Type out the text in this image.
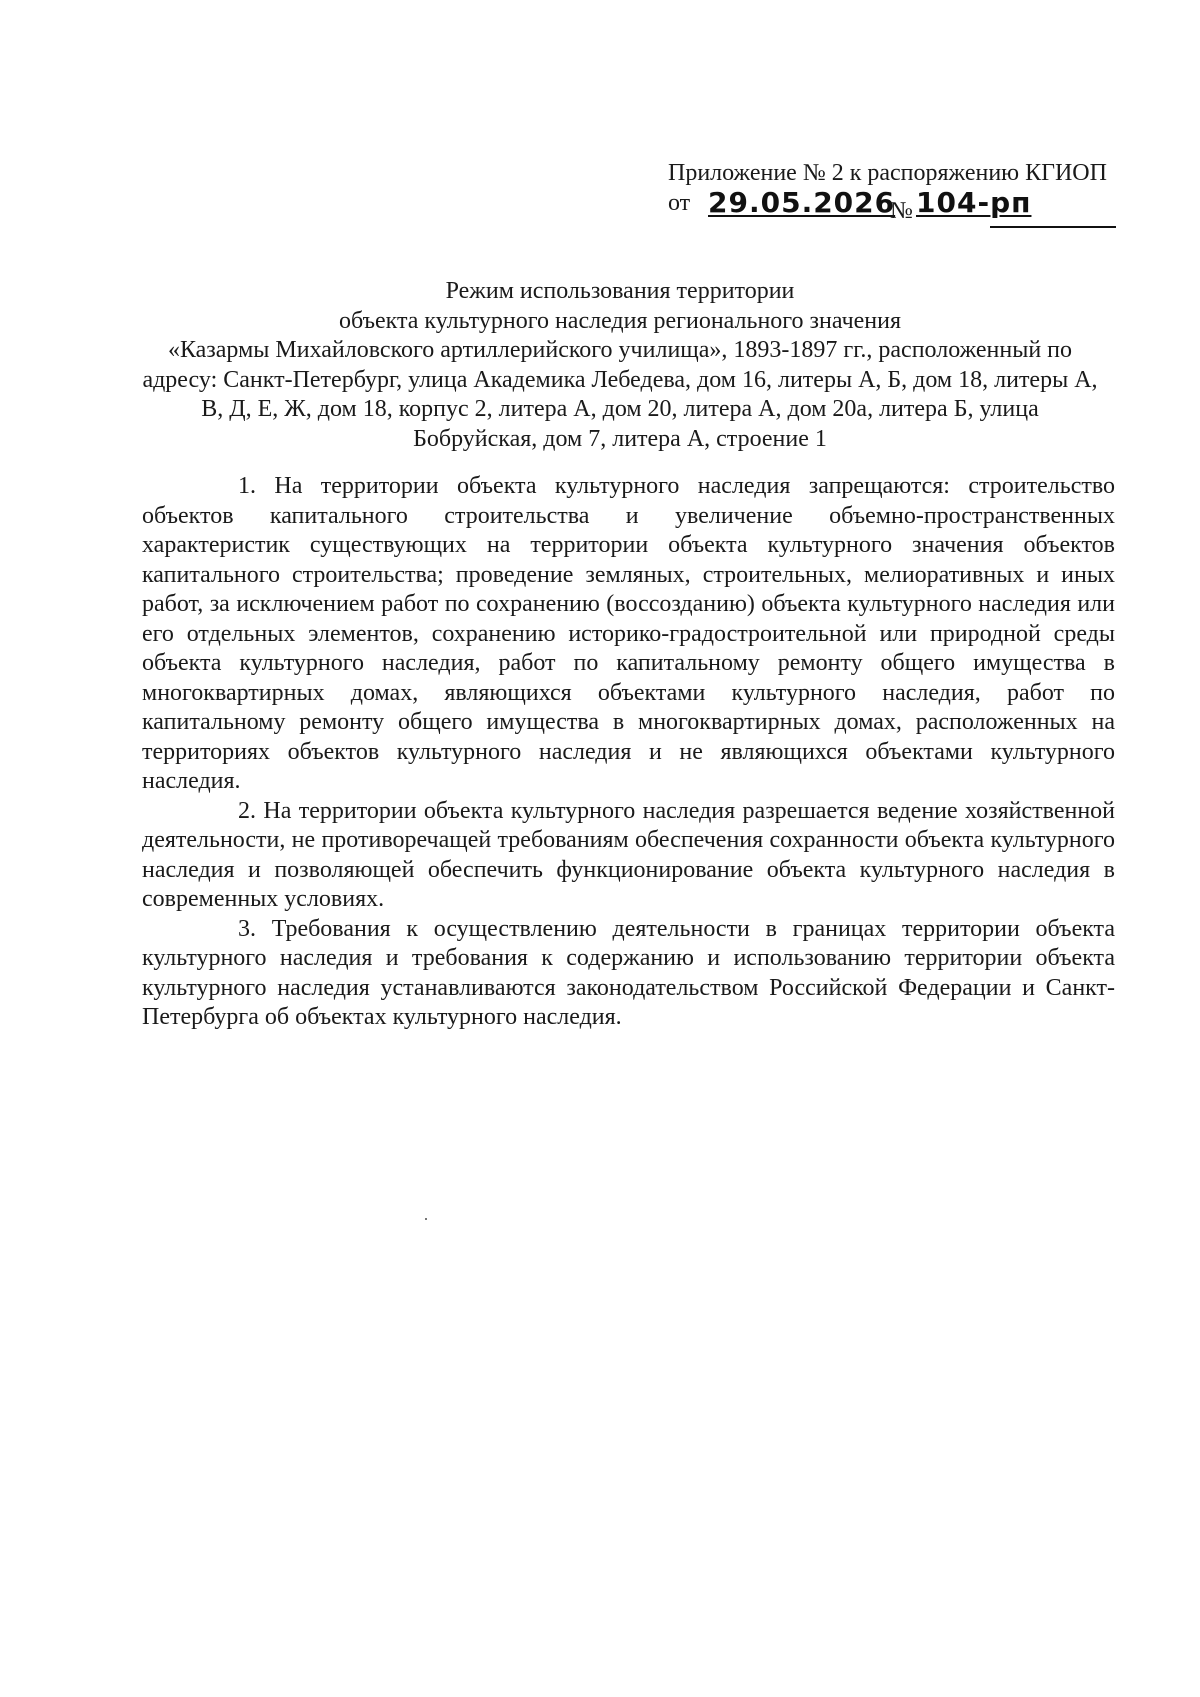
Приложение № 2 к распоряжению КГИОП
от 29.05.2026
№ 104-рп
Режим использования территории
объекта культурного наследия регионального значения
«Казармы Михайловского артиллерийского училища», 1893-1897 гг., расположенный по
адресу: Санкт-Петербург, улица Академика Лебедева, дом 16, литеры А, Б, дом 18, литеры А,
В, Д, Е, Ж, дом 18, корпус 2, литера А, дом 20, литера А, дом 20а, литера Б, улица
Бобруйская, дом 7, литера А, строение 1

1. На территории объекта культурного наследия запрещаются: строительство объектов капитального строительства и увеличение объемно-пространственных характеристик существующих на территории объекта культурного значения объектов капитального строительства; проведение земляных, строительных, мелиоративных и иных работ, за исключением работ по сохранению (воссозданию) объекта культурного наследия или его отдельных элементов, сохранению историко-градостроительной или природной среды объекта культурного наследия, работ по капитальному ремонту общего имущества в многоквартирных домах, являющихся объектами культурного наследия, работ по капитальному ремонту общего имущества в многоквартирных домах, расположенных на территориях объектов культурного наследия и не являющихся объектами культурного наследия.

2. На территории объекта культурного наследия разрешается ведение хозяйственной деятельности, не противоречащей требованиям обеспечения сохранности объекта культурного наследия и позволяющей обеспечить функционирование объекта культурного наследия в современных условиях.

3. Требования к осуществлению деятельности в границах территории объекта культурного наследия и требования к содержанию и использованию территории объекта культурного наследия устанавливаются законодательством Российской Федерации и Санкт-Петербурга об объектах культурного наследия.
